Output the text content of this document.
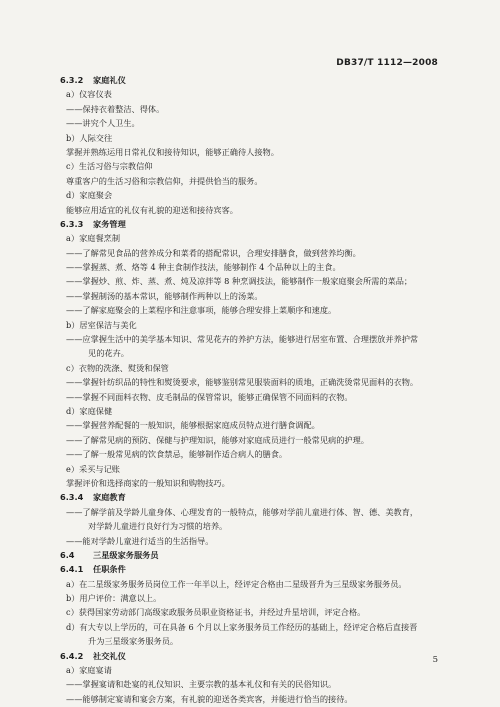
DB37/T 1112—2008
6.3.2 家庭礼仪
a）仪容仪表
——保持衣着整洁、得体。
——讲究个人卫生。
b）人际交往
掌握并熟练运用日常礼仪和接待知识，能够正确待人接物。
c）生活习俗与宗教信仰
尊重客户的生活习俗和宗教信仰，并提供恰当的服务。
d）家庭聚会
能够应用适宜的礼仪有礼貌的迎送和接待宾客。
6.3.3 家务管理
a）家庭餐烹制
——了解常见食品的营养成分和菜肴的搭配常识，合理安排膳食，做到营养均衡。
——掌握蒸、煮、烙等 4 种主食制作技法，能够制作 4 个品种以上的主食。
——掌握炒、煎、炸、蒸、煮、炖及凉拌等 8 种烹调技法，能够制作一般家庭聚会所需的菜品；
——掌握制汤的基本常识，能够制作两种以上的汤菜。
——了解家庭聚会的上菜程序和注意事项，能够合理安排上菜顺序和速度。
b）居室保洁与美化
——应掌握生活中的美学基本知识、常见花卉的养护方法，能够进行居室布置、合理摆放并养护常
见的花卉。
c）衣物的洗涤、熨烫和保管
——掌握针纺织品的特性和熨烫要求，能够鉴别常见服装面料的质地，正确洗烫常见面料的衣物。
——掌握不同面料衣物、皮毛制品的保管常识，能够正确保管不同面料的衣物。
d）家庭保健
——掌握营养配餐的一般知识，能够根据家庭成员特点进行膳食调配。
——了解常见病的预防、保健与护理知识，能够对家庭成员进行一般常见病的护理。
——了解一般常见病的饮食禁忌，能够制作适合病人的膳食。
e）采买与记账
掌握评价和选择商家的一般知识和购物技巧。
6.3.4 家庭教育
——了解学前及学龄儿童身体、心理发育的一般特点，能够对学前儿童进行体、智、德、美教育，
对学龄儿童进行良好行为习惯的培养。
——能对学龄儿童进行适当的生活指导。
6.4 三星级家务服务员
6.4.1 任职条件
a）在二星级家务服务员岗位工作一年半以上，经评定合格由二星级晋升为三星级家务服务员。
b）用户评价：满意以上。
c）获得国家劳动部门高级家政服务员职业资格证书，并经过升星培训，评定合格。
d）有大专以上学历的，可在具备 6 个月以上家务服务员工作经历的基础上，经评定合格后直接晋
升为三星级家务服务员。
6.4.2 社交礼仪
a）家庭宴请
——掌握宴请和赴宴的礼仪知识、主要宗教的基本礼仪和有关的民俗知识。
——能够制定宴请和宴会方案，有礼貌的迎送各类宾客，并能进行恰当的接待。
5
